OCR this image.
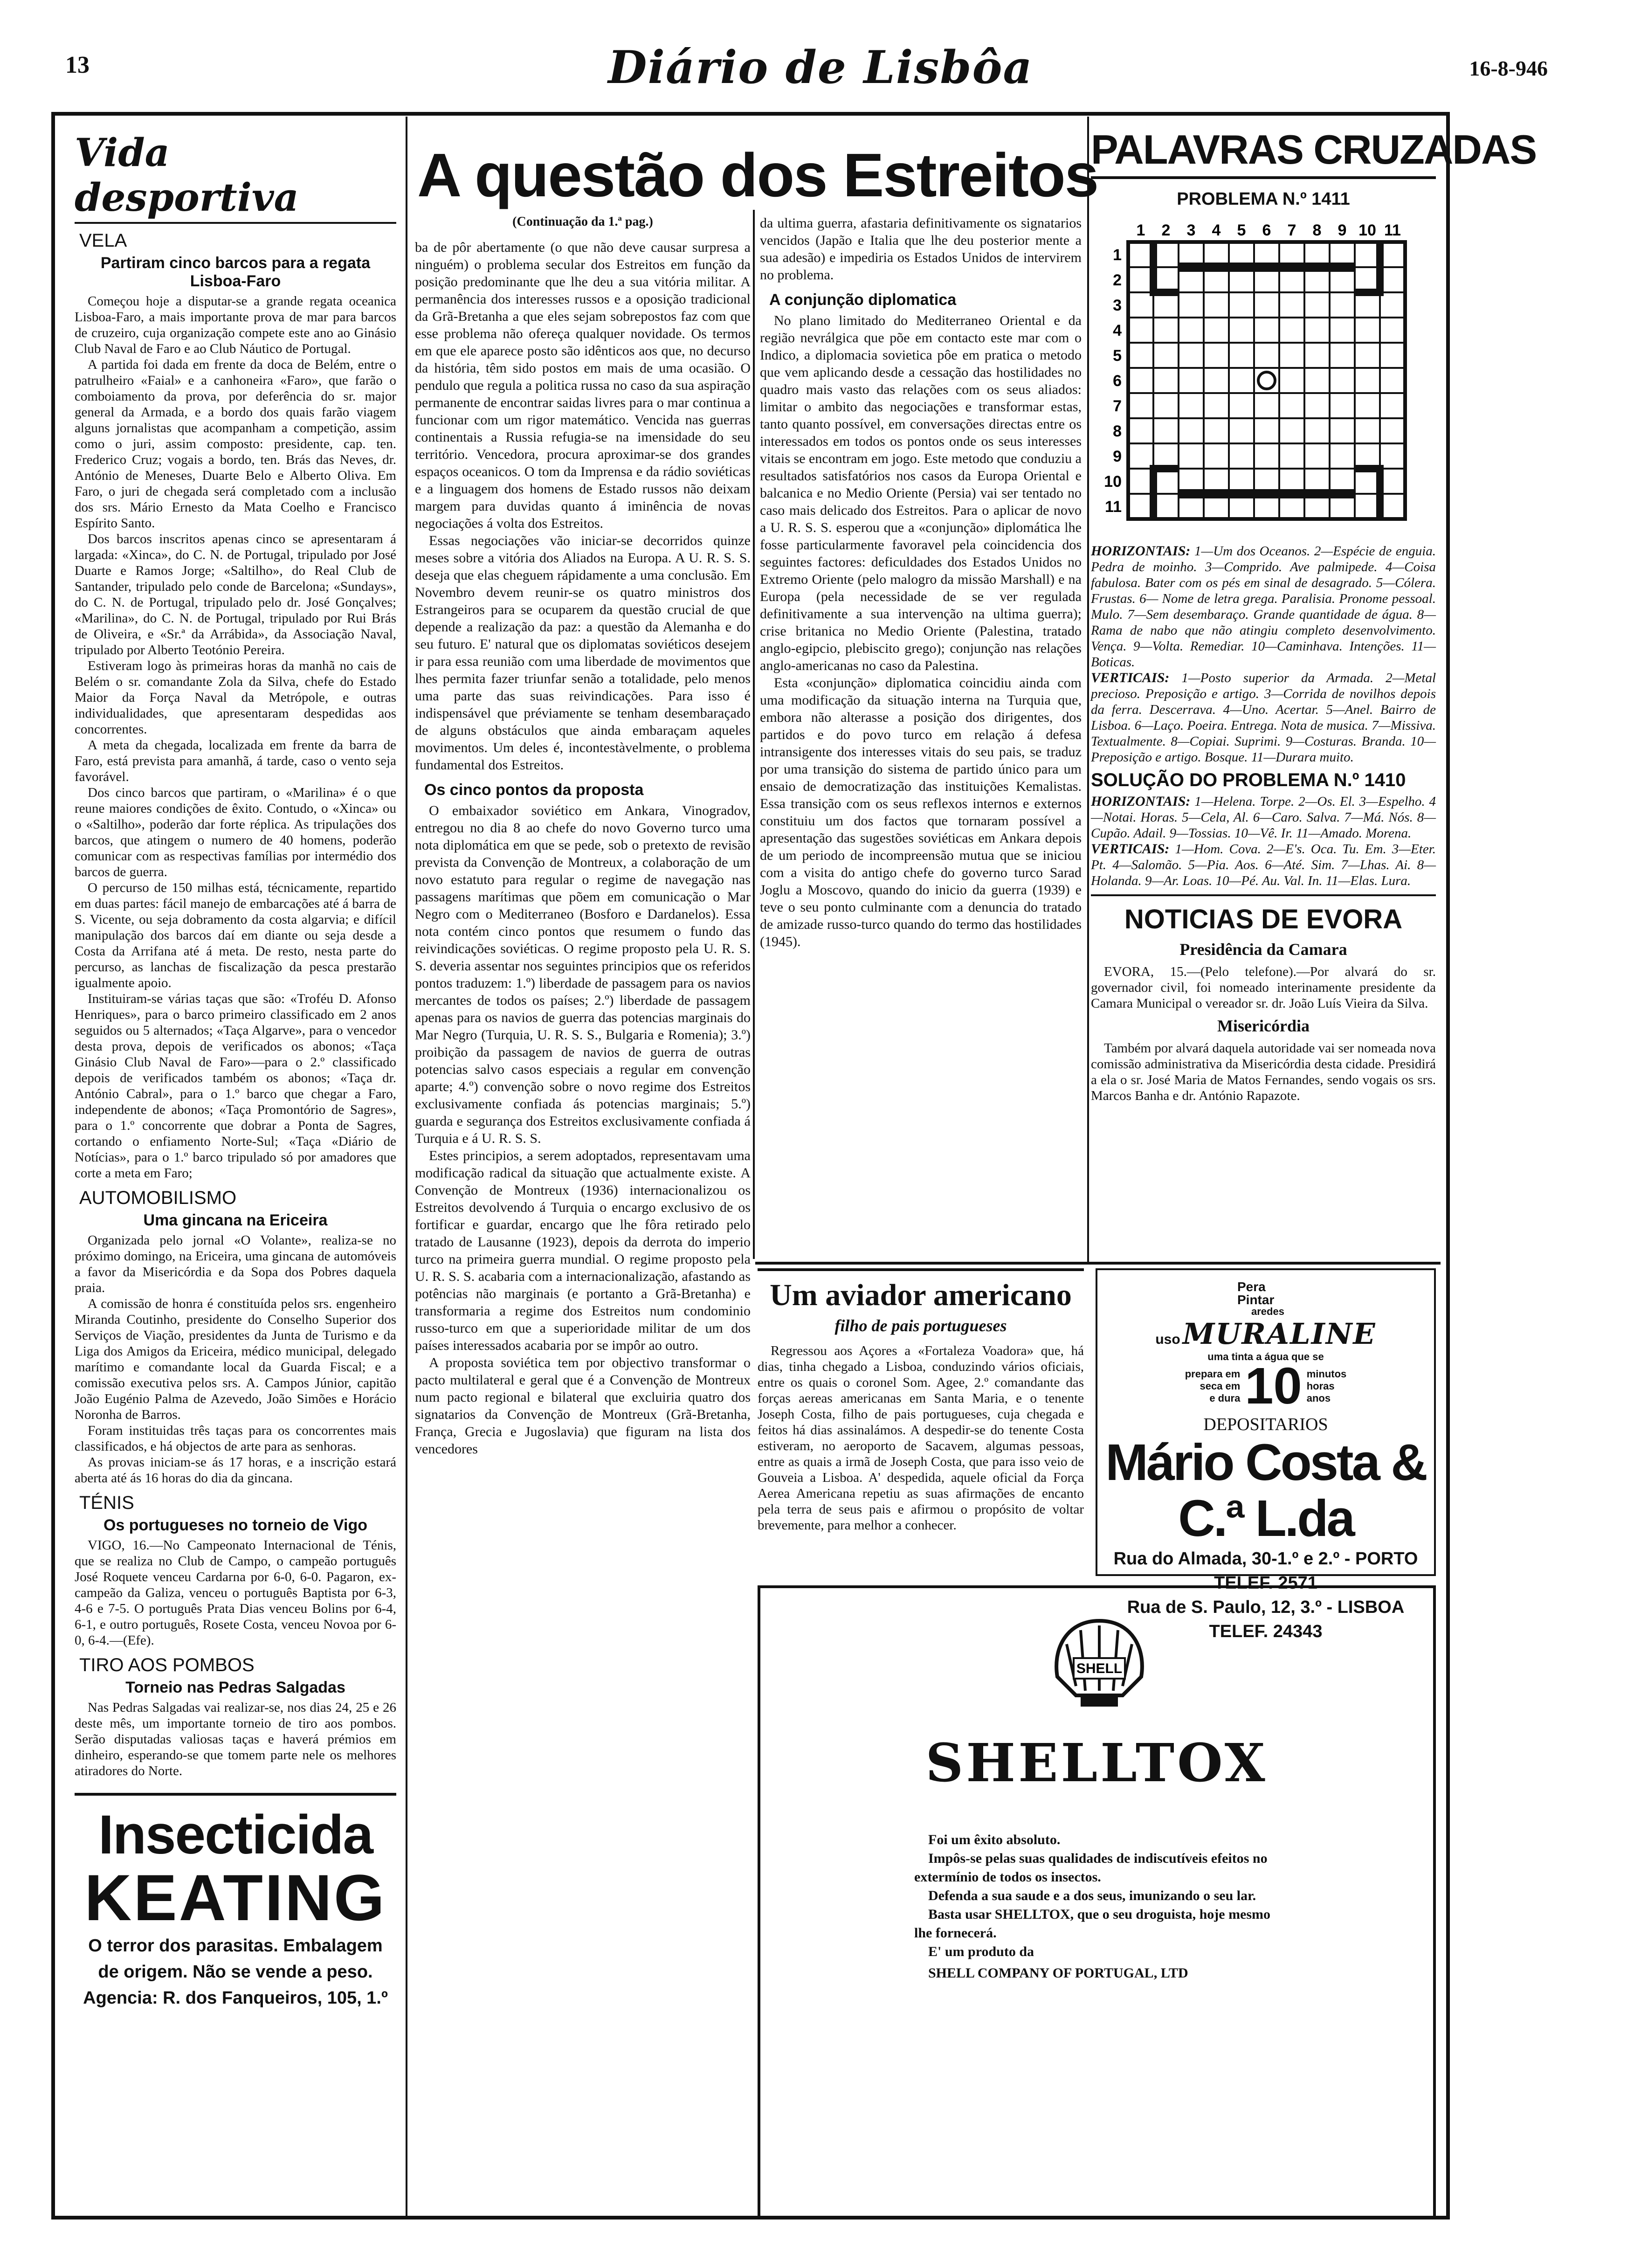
13	Diário de Lisbôa	16-8-946
Vida desportiva
VELA
Partiram cinco barcos para a regata Lisboa-Faro

Começou hoje a disputar-se a grande regata oceanica Lisboa-Faro, a mais importante prova de mar para barcos de cruzeiro, cuja organização compete este ano ao Ginásio Club Naval de Faro e ao Club Náutico de Portugal.

A partida foi dada em frente da doca de Belém, entre o patrulheiro «Faial» e a canhoneira «Faro», que farão o comboiamento da prova, por deferência do sr. major general da Armada, e a bordo dos quais farão viagem alguns jornalistas que acompanham a competição, assim como o juri, assim composto: presidente, cap. ten. Frederico Cruz; vogais a bordo, ten. Brás das Neves, dr. António de Meneses, Duarte Belo e Alberto Oliva. Em Faro, o juri de chegada será completado com a inclusão dos srs. Mário Ernesto da Mata Coelho e Francisco Espírito Santo.

Dos barcos inscritos apenas cinco se apresentaram á largada: «Xinca», do C. N. de Portugal, tripulado por José Duarte e Ramos Jorge; «Saltilho», do Real Club de Santander, tripulado pelo conde de Barcelona; «Sundays», do C. N. de Portugal, tripulado pelo dr. José Gonçalves; «Marilina», do C. N. de Portugal, tripulado por Rui Brás de Oliveira, e «Sr.ª da Arrábida», da Associação Naval, tripulado por Alberto Teotónio Pereira.

Estiveram logo às primeiras horas da manhã no cais de Belém o sr. comandante Zola da Silva, chefe do Estado Maior da Força Naval da Metrópole, e outras individualidades, que apresentaram despedidas aos concorrentes.

A meta da chegada, localizada em frente da barra de Faro, está prevista para amanhã, á tarde, caso o vento seja favorável.

Dos cinco barcos que partiram, o «Marilina» é o que reune maiores condições de êxito. Contudo, o «Xinca» ou o «Saltilho», poderão dar forte réplica. As tripulações dos barcos, que atingem o numero de 40 homens, poderão comunicar com as respectivas famílias por intermédio dos barcos de guerra.

O percurso de 150 milhas está, técnicamente, repartido em duas partes: fácil manejo de embarcações até á barra de S. Vicente, ou seja dobramento da costa algarvia; e difícil manipulação dos barcos daí em diante ou seja desde a Costa da Arrifana até á meta. De resto, nesta parte do percurso, as lanchas de fiscalização da pesca prestarão igualmente apoio.

Instituiram-se várias taças que são: «Troféu D. Afonso Henriques», para o barco primeiro classificado em 2 anos seguidos ou 5 alternados; «Taça Algarve», para o vencedor desta prova, depois de verificados os abonos; «Taça Ginásio Club Naval de Faro»—para o 2.º classificado depois de verificados também os abonos; «Taça dr. António Cabral», para o 1.º barco que chegar a Faro, independente de abonos; «Taça Promontório de Sagres», para o 1.º concorrente que dobrar a Ponta de Sagres, cortando o enfiamento Norte-Sul; «Taça «Diário de Notícias», para o 1.º barco tripulado só por amadores que corte a meta em Faro;

AUTOMOBILISMO
Uma gincana na Ericeira

Organizada pelo jornal «O Volante», realiza-se no próximo domingo, na Ericeira, uma gincana de automóveis a favor da Misericórdia e da Sopa dos Pobres daquela praia.

A comissão de honra é constituída pelos srs. engenheiro Miranda Coutinho, presidente do Conselho Superior dos Serviços de Viação, presidentes da Junta de Turismo e da Liga dos Amigos da Ericeira, médico municipal, delegado marítimo e comandante local da Guarda Fiscal; e a comissão executiva pelos srs. A. Campos Júnior, capitão João Eugénio Palma de Azevedo, João Simões e Horácio Noronha de Barros.

Foram instituidas três taças para os concorrentes mais classificados, e há objectos de arte para as senhoras.

As provas iniciam-se ás 17 horas, e a inscrição estará aberta até ás 16 horas do dia da gincana.

TÉNIS
Os portugueses no torneio de Vigo

VIGO, 16.—No Campeonato Internacional de Ténis, que se realiza no Club de Campo, o campeão português José Roquete venceu Cardarna por 6-0, 6-0. Pagaron, ex-campeão da Galiza, venceu o português Baptista por 6-3, 4-6 e 7-5. O português Prata Dias venceu Bolins por 6-4, 6-1, e outro português, Rosete Costa, venceu Novoa por 6-0, 6-4.—(Efe).

TIRO AOS POMBOS
Torneio nas Pedras Salgadas

Nas Pedras Salgadas vai realizar-se, nos dias 24, 25 e 26 deste mês, um importante torneio de tiro aos pombos. Serão disputadas valiosas taças e haverá prémios em dinheiro, esperando-se que tomem parte nele os melhores atiradores do Norte.

Insecticida
KEATING
O terror dos parasitas. Embalagem
de origem. Não se vende a peso.
Agencia: R. dos Fanqueiros, 105, 1.º
A questão dos Estreitos
(Continuação da 1.ª pag.)

ba de pôr abertamente (o que não deve causar surpresa a ninguém) o problema secular dos Estreitos em função da posição predominante que lhe deu a sua vitória militar. A permanência dos interesses russos e a oposição tradicional da Grã-Bretanha a que eles sejam sobrepostos faz com que esse problema não ofereça qualquer novidade. Os termos em que ele aparece posto são idênticos aos que, no decurso da história, têm sido postos em mais de uma ocasião. O pendulo que regula a politica russa no caso da sua aspiração permanente de encontrar saidas livres para o mar continua a funcionar com um rigor matemático. Vencida nas guerras continentais a Russia refugia-se na imensidade do seu território. Vencedora, procura aproximar-se dos grandes espaços oceanicos. O tom da Imprensa e da rádio soviéticas e a linguagem dos homens de Estado russos não deixam margem para duvidas quanto á iminência de novas negociações á volta dos Estreitos.

Essas negociações vão iniciar-se decorridos quinze meses sobre a vitória dos Aliados na Europa. A U. R. S. S. deseja que elas cheguem rápidamente a uma conclusão. Em Novembro devem reunir-se os quatro ministros dos Estrangeiros para se ocuparem da questão crucial de que depende a realização da paz: a questão da Alemanha e do seu futuro. E' natural que os diplomatas soviéticos desejem ir para essa reunião com uma liberdade de movimentos que lhes permita fazer triunfar senão a totalidade, pelo menos uma parte das suas reivindicações. Para isso é indispensável que préviamente se tenham desembaraçado de alguns obstáculos que ainda embaraçam aqueles movimentos. Um deles é, incontestàvelmente, o problema fundamental dos Estreitos.

Os cinco pontos da proposta

O embaixador soviético em Ankara, Vinogradov, entregou no dia 8 ao chefe do novo Governo turco uma nota diplomática em que se pede, sob o pretexto de revisão prevista da Convenção de Montreux, a colaboração de um novo estatuto para regular o regime de navegação nas passagens marítimas que põem em comunicação o Mar Negro com o Mediterraneo (Bosforo e Dardanelos). Essa nota contém cinco pontos que resumem o fundo das reivindicações soviéticas. O regime proposto pela U. R. S. S. deveria assentar nos seguintes principios que os referidos pontos traduzem: 1.º) liberdade de passagem para os navios mercantes de todos os países; 2.º) liberdade de passagem apenas para os navios de guerra das potencias marginais do Mar Negro (Turquia, U. R. S. S., Bulgaria e Romenia); 3.º) proibição da passagem de navios de guerra de outras potencias salvo casos especiais a regular em convenção aparte; 4.º) convenção sobre o novo regime dos Estreitos exclusivamente confiada ás potencias marginais; 5.º) guarda e segurança dos Estreitos exclusivamente confiada á Turquia e á U. R. S. S.

Estes principios, a serem adoptados, representavam uma modificação radical da situação que actualmente existe. A Convenção de Montreux (1936) internacionalizou os Estreitos devolvendo á Turquia o encargo exclusivo de os fortificar e guardar, encargo que lhe fôra retirado pelo tratado de Lausanne (1923), depois da derrota do imperio turco na primeira guerra mundial. O regime proposto pela U. R. S. S. acabaria com a internacionalização, afastando as potências não marginais (e portanto a Grã-Bretanha) e transformaria a regime dos Estreitos num condominio russo-turco em que a superioridade militar de um dos países interessados acabaria por se impôr ao outro.

A proposta soviética tem por objectivo transformar o pacto multilateral e geral que é a Convenção de Montreux num pacto regional e bilateral que excluiria quatro dos signatarios da Convenção de Montreux (Grã-Bretanha, França, Grecia e Jugoslavia) que figuram na lista dos vencedores

da ultima guerra, afastaria definitivamente os signatarios vencidos (Japão e Italia que lhe deu posterior mente a sua adesão) e impediria os Estados Unidos de intervirem no problema.

A conjunção diplomatica

No plano limitado do Mediterraneo Oriental e da região nevrálgica que põe em contacto este mar com o Indico, a diplomacia sovietica pôe em pratica o metodo que vem aplicando desde a cessação das hostilidades no quadro mais vasto das relações com os seus aliados: limitar o ambito das negociações e transformar estas, tanto quanto possível, em conversações directas entre os interessados em todos os pontos onde os seus interesses vitais se encontram em jogo. Este metodo que conduziu a resultados satisfatórios nos casos da Europa Oriental e balcanica e no Medio Oriente (Persia) vai ser tentado no caso mais delicado dos Estreitos. Para o aplicar de novo a U. R. S. S. esperou que a «conjunção» diplomática lhe fosse particularmente favoravel pela coincidencia dos seguintes factores: deficuldades dos Estados Unidos no Extremo Oriente (pelo malogro da missão Marshall) e na Europa (pela necessidade de se ver regulada definitivamente a sua intervenção na ultima guerra); crise britanica no Medio Oriente (Palestina, tratado anglo-egipcio, plebiscito grego); conjunção nas relações anglo-americanas no caso da Palestina.

Esta «conjunção» diplomatica coincidiu ainda com uma modificação da situação interna na Turquia que, embora não alterasse a posição dos dirigentes, dos partidos e do povo turco em relação á defesa intransigente dos interesses vitais do seu pais, se traduz por uma transição do sistema de partido único para um ensaio de democratização das instituições Kemalistas. Essa transição com os seus reflexos internos e externos constituiu um dos factos que tornaram possível a apresentação das sugestões soviéticas em Ankara depois de um periodo de incompreensão mutua que se iniciou com a visita do antigo chefe do governo turco Sarad Joglu a Moscovo, quando do inicio da guerra (1939) e teve o seu ponto culminante com a denuncia do tratado de amizade russo-turco quando do termo das hostilidades (1945).

PALAVRAS CRUZADAS
PROBLEMA N.º 1411
1 2 3 4 5 6 7 8 9 10 11
1
2
3
4
5
6
7
8
9
10
11

HORIZONTAIS: 1—Um dos Oceanos. 2—Espécie de enguia. Pedra de moinho. 3—Comprido. Ave palmipede. 4—Coisa fabulosa. Bater com os pés em sinal de desagrado. 5—Cólera. Frustas. 6— Nome de letra grega. Paralisia. Pronome pessoal. Mulo. 7—Sem desembaraço. Grande quantidade de água. 8—Rama de nabo que não atingiu completo desenvolvimento. Vença. 9—Volta. Remediar. 10—Caminhava. Intenções. 11—Boticas.

VERTICAIS: 1—Posto superior da Armada. 2—Metal precioso. Preposição e artigo. 3—Corrida de novilhos depois da ferra. Descerrava. 4—Uno. Acertar. 5—Anel. Bairro de Lisboa. 6—Laço. Poeira. Entrega. Nota de musica. 7—Missiva. Textualmente. 8—Copiai. Suprimi. 9—Costuras. Branda. 10—Preposição e artigo. Bosque. 11—Durara muito.

SOLUÇÃO DO PROBLEMA N.º 1410

HORIZONTAIS: 1—Helena. Torpe. 2—Os. El. 3—Espelho. 4—Notai. Horas. 5—Cela, Al. 6—Caro. Salva. 7—Má. Nós. 8—Cupão. Adail. 9—Tossias. 10—Vê. Ir. 11—Amado. Morena.

VERTICAIS: 1—Hom. Cova. 2—E's. Oca. Tu. Em. 3—Eter. Pt. 4—Salomão. 5—Pia. Aos. 6—Até. Sim. 7—Lhas. Ai. 8—Holanda. 9—Ar. Loas. 10—Pé. Au. Val. In. 11—Elas. Lura.

NOTICIAS DE EVORA
Presidência da Camara

EVORA, 15.—(Pelo telefone).—Por alvará do sr. governador civil, foi nomeado interinamente presidente da Camara Municipal o vereador sr. dr. João Luís Vieira da Silva.

Misericórdia

Também por alvará daquela autoridade vai ser nomeada nova comissão administrativa da Misericórdia desta cidade. Presidirá a ela o sr. José Maria de Matos Fernandes, sendo vogais os srs. Marcos Banha e dr. António Rapazote.

Um aviador americano
filho de pais portugueses

Regressou aos Açores a «Fortaleza Voadora» que, há dias, tinha chegado a Lisboa, conduzindo vários oficiais, entre os quais o coronel Som. Agee, 2.º comandante das forças aereas americanas em Santa Maria, e o tenente Joseph Costa, filho de pais portugueses, cuja chegada e feitos há dias assinalámos. A despedir-se do tenente Costa estiveram, no aeroporto de Sacavem, algumas pessoas, entre as quais a irmã de Joseph Costa, que para isso veio de Gouveia a Lisboa. A' despedida, aquele oficial da Força Aerea Americana repetiu as suas afirmações de encanto pela terra de seus pais e afirmou o propósito de voltar brevemente, para melhor a conhecer.

Pera
Pintar
aredes
uso MURALINE
uma tinta a água que se
prepara em
seca em
e dura 10 minutos
horas
anos
DEPOSITARIOS
Mário Costa & C.ª L.da
Rua do Almada, 30-1.º e 2.º - PORTO
TELEF. 2571
Rua de S. Paulo, 12, 3.º - LISBOA
TELEF. 24343
SHELL
SHELLTOX
Foi um êxito absoluto.
Impôs-se pelas suas qualidades de indiscutíveis efeitos no extermínio de todos os insectos.
Defenda a sua saude e a dos seus, imunizando o seu lar.
Basta usar SHELLTOX, que o seu droguista, hoje mesmo lhe fornecerá.
E' um produto da
SHELL COMPANY OF PORTUGAL, LTD
